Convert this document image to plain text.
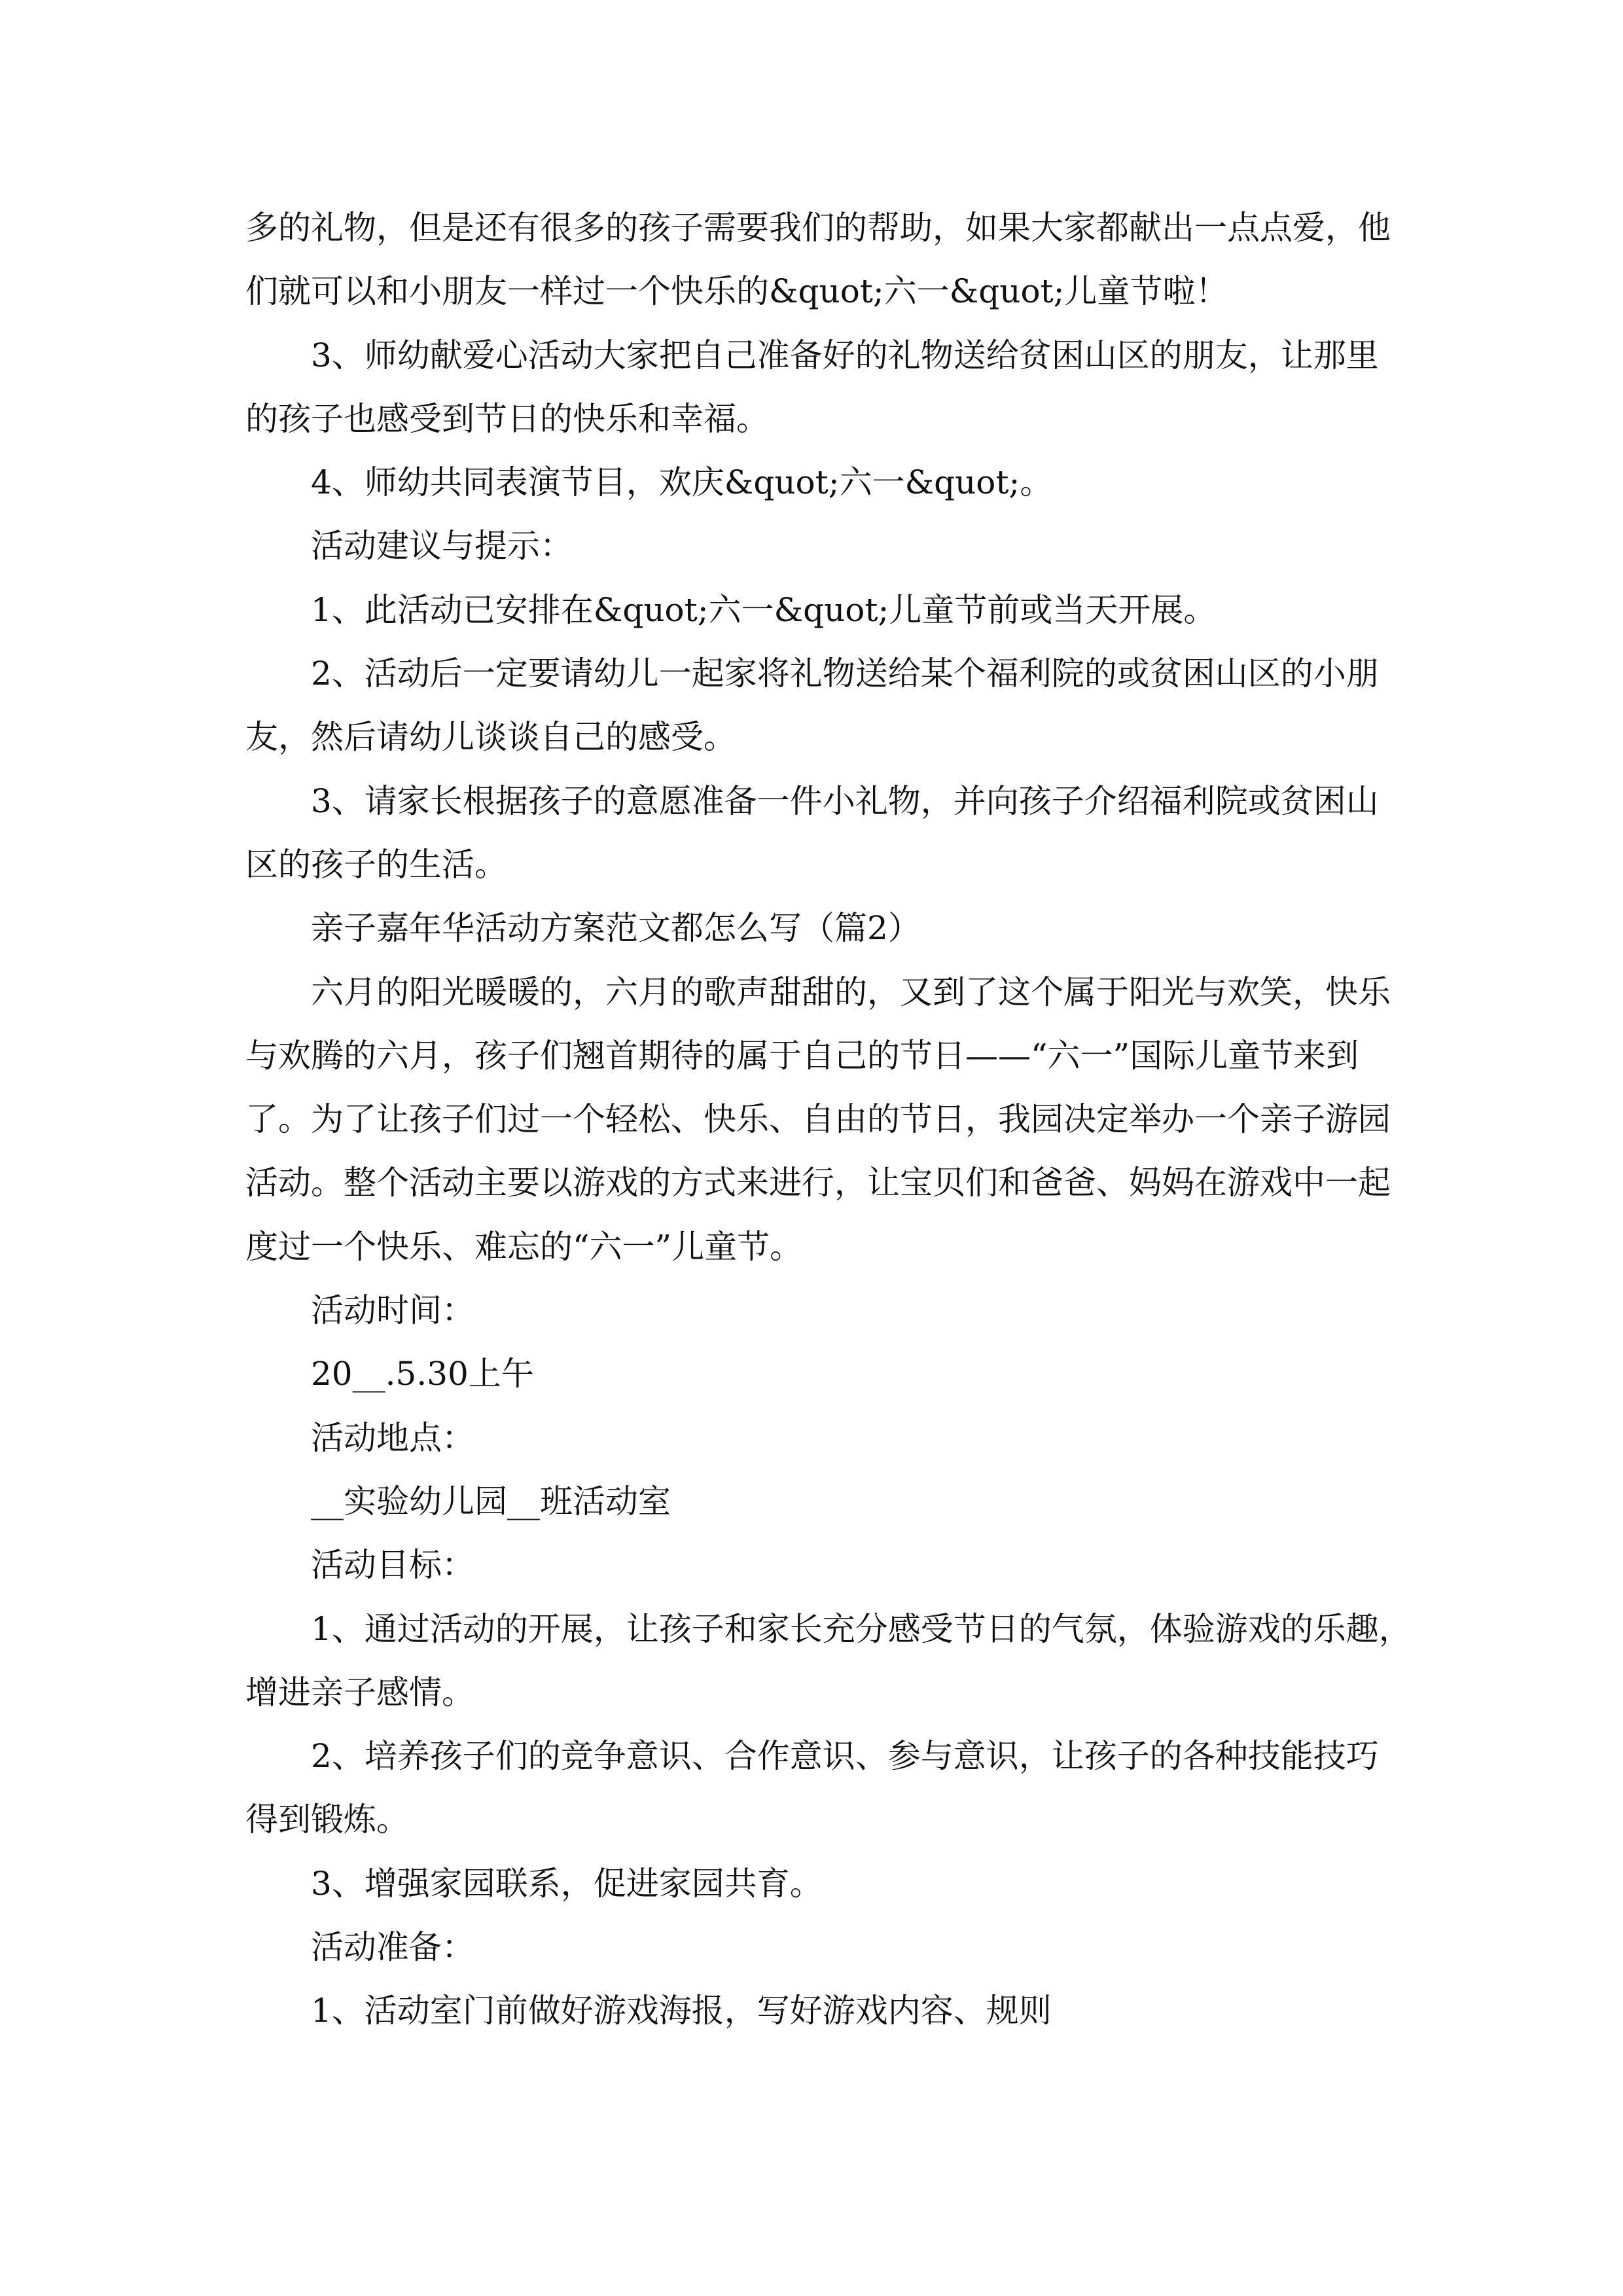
多的礼物，但是还有很多的孩子需要我们的帮助，如果大家都献出一点点爱，他

们就可以和小朋友一样过一个快乐的&quot;六一&quot;儿童节啦！

3、师幼献爱心活动大家把自己准备好的礼物送给贫困山区的朋友，让那里

的孩子也感受到节日的快乐和幸福。

4、师幼共同表演节目，欢庆&quot;六一&quot;。

活动建议与提示：

1、此活动已安排在&quot;六一&quot;儿童节前或当天开展。

2、活动后一定要请幼儿一起家将礼物送给某个福利院的或贫困山区的小朋

友，然后请幼儿谈谈自己的感受。

3、请家长根据孩子的意愿准备一件小礼物，并向孩子介绍福利院或贫困山

区的孩子的生活。

亲子嘉年华活动方案范文都怎么写（篇2）

六月的阳光暖暖的，六月的歌声甜甜的，又到了这个属于阳光与欢笑，快乐

与欢腾的六月，孩子们翘首期待的属于自己的节日——“六一”国际儿童节来到

了。为了让孩子们过一个轻松、快乐、自由的节日，我园决定举办一个亲子游园

活动。整个活动主要以游戏的方式来进行，让宝贝们和爸爸、妈妈在游戏中一起

度过一个快乐、难忘的“六一”儿童节。

活动时间：

20__.5.30上午

活动地点：

__实验幼儿园__班活动室

活动目标：

1、通过活动的开展，让孩子和家长充分感受节日的气氛，体验游戏的乐趣，

增进亲子感情。

2、培养孩子们的竞争意识、合作意识、参与意识，让孩子的各种技能技巧

得到锻炼。

3、增强家园联系，促进家园共育。

活动准备：

1、活动室门前做好游戏海报，写好游戏内容、规则
